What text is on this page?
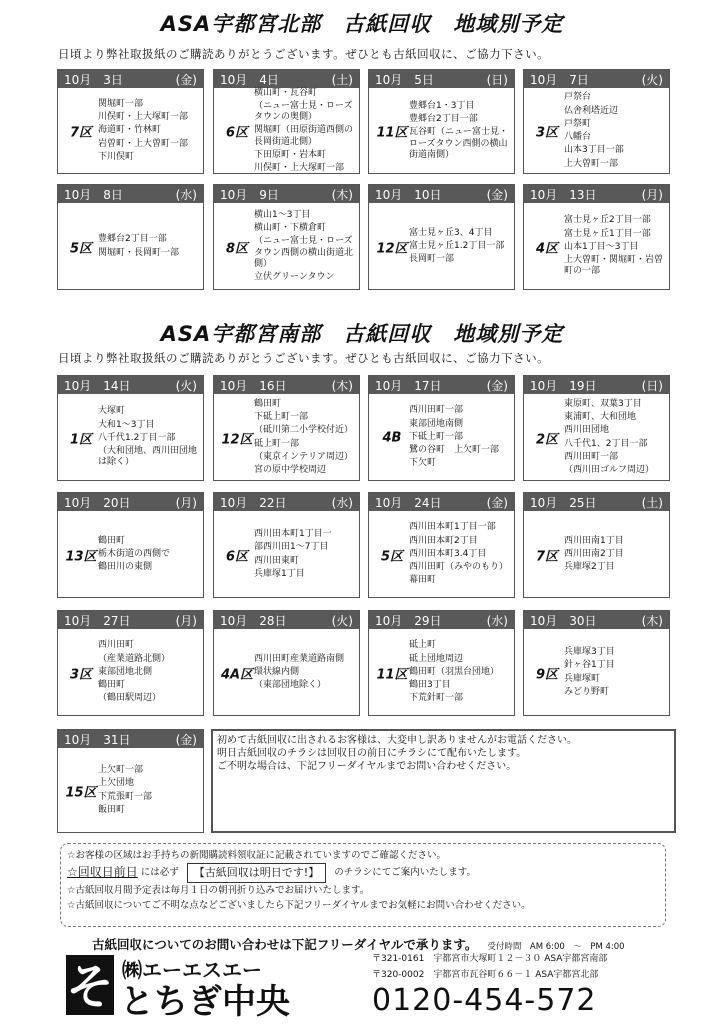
ASA宇都宮北部　古紙回収　地域別予定
日頃より弊社取扱紙のご購読ありがとうございます。ぜひとも古紙回収に、ご協力下さい。
10月　3日	(金)
7区
関堀町一部
川俣町・上大塚町一部
海道町・竹林町
岩曽町・上大曽町一部
下川俣町
10月　4日	(土)
6区
横山町・瓦谷町
（ニュー富士見・ローズタウンの奥側）
関堀町（田原街道西側の長岡街道北側）
下田原町・岩本町
川俣町・上大塚町一部
10月　5日	(日)
11区
豊郷台1・3丁目
豊郷台2丁目一部
瓦谷町（ニュー富士見・ローズタウン西側の横山街道南側）
10月　7日	(火)
3区
戸祭台
仏舎利塔近辺
戸祭町
八幡台
山本3丁目一部
上大曽町一部
10月　8日	(水)
5区
豊郷台2丁目一部
関堀町・長岡町一部
10月　9日	(木)
8区
横山1～3丁目
横山町・下横倉町
（ニュー富士見・ローズタウン西側の横山街道北側）
立伏グリーンタウン
10月　10日	(金)
12区
富士見ヶ丘3、4丁目
富士見ヶ丘1.2丁目一部
長岡町一部
10月　13日	(月)
4区
富士見ヶ丘2丁目一部
富士見ヶ丘1丁目一部
山本1丁目～3丁目
上大曽町・関堀町・岩曽町の一部
ASA宇都宮南部　古紙回収　地域別予定
日頃より弊社取扱紙のご購読ありがとうございます。ぜひとも古紙回収に、ご協力下さい。
10月　14日	(火)
1区
大塚町
大和1～3丁目
八千代1.2丁目一部
（大和団地、西川田団地は除く）
10月　16日	(木)
12区
鶴田町
下砥上町一部
（砥川第二小学校付近）
砥上町一部
（東京インテリア周辺）
宮の原中学校周辺
10月　17日	(金)
4B
西川田町一部
東部団地南側
下砥上町一部
鷺の谷町　上欠町一部
下欠町
10月　19日	(日)
2区
東原町、双葉3丁目
東浦町、大和団地
西川田団地
八千代1、2丁目一部
西川田町一部
（西川田ゴルフ周辺）
10月　20日	(月)
13区
鶴田町
栃木街道の西側で
鶴田川の東側
10月　22日	(水)
6区
西川田本町1丁目一
部西川田1～7丁目
西川田東町
兵庫塚1丁目
10月　24日	(金)
5区
西川田本町1丁目一部
西川田本町2丁目
西川田本町3.4丁目
西川田町（みやのもり）
幕田町
10月　25日	(土)
7区
西川田南1丁目
西川田南2丁目
兵庫塚2丁目
10月　27日	(月)
3区
西川田町
（産業道路北側）
東部団地北側
鶴田町
（鶴田駅周辺）
10月　28日	(火)
4A区
西川田町産業道路南側
環状線内側
（東部団地除く）
10月　29日	(水)
11区
砥上町
砥上団地周辺
鶴田町（羽黒台団地）
鶴田3丁目
下荒針町一部
10月　30日	(木)
9区
兵庫塚3丁目
針ヶ谷1丁目
兵庫塚町
みどり野町
10月　31日	(金)
15区
上欠町一部
上欠団地
下荒張町一部
飯田町
初めて古紙回収に出されるお客様は、大変申し訳ありませんがお電話ください。
明日古紙回収のチラシは回収日の前日にチラシにて配布いたします。
ご不明な場合は、下記フリーダイヤルまでお問い合わせください。
☆お客様の区域はお手持ちの新聞購読料領収証に記載されていますのでご確認ください。
☆回収日前日 には必ず	【古紙回収は明日です!】	のチラシにてご案内いたします。
☆古紙回収月間予定表は毎月１日の朝刊折り込みでお届けいたします。
☆古紙回収についてご不明な点などございましたら下記フリーダイヤルまでお気軽にお問い合わせください。
古紙回収についてのお問い合わせは下記フリーダイヤルで承ります。 受付時間　AM 6:00　～　PM 4:00
そ ㈱エーエスエー
とちぎ中央
〒321-0161　宇都宮市大塚町１２－３０ ASA宇都宮南部
〒320-0002　宇都宮市瓦谷町６６－１ ASA宇都宮北部
0120-454-572
